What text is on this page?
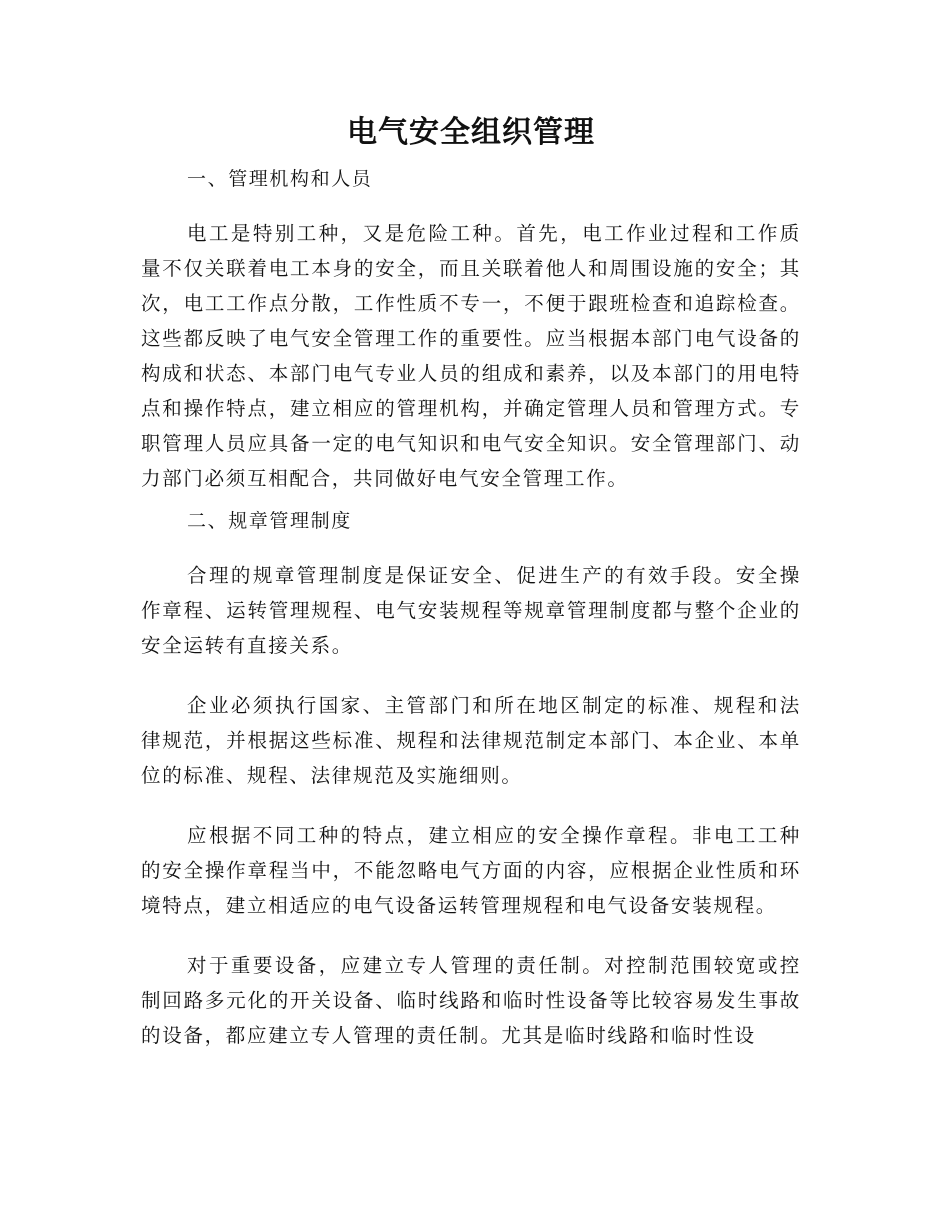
电气安全组织管理

一、管理机构和人员

电工是特别工种，又是危险工种。首先，电工作业过程和工作质量不仅关联着电工本身的安全，而且关联着他人和周围设施的安全；其次，电工工作点分散，工作性质不专一，不便于跟班检查和追踪检查。这些都反映了电气安全管理工作的重要性。应当根据本部门电气设备的构成和状态、本部门电气专业人员的组成和素养，以及本部门的用电特点和操作特点，建立相应的管理机构，并确定管理人员和管理方式。专职管理人员应具备一定的电气知识和电气安全知识。安全管理部门、动力部门必须互相配合，共同做好电气安全管理工作。

二、规章管理制度

合理的规章管理制度是保证安全、促进生产的有效手段。安全操作章程、运转管理规程、电气安装规程等规章管理制度都与整个企业的安全运转有直接关系。

企业必须执行国家、主管部门和所在地区制定的标准、规程和法律规范，并根据这些标准、规程和法律规范制定本部门、本企业、本单位的标准、规程、法律规范及实施细则。

应根据不同工种的特点，建立相应的安全操作章程。非电工工种的安全操作章程当中，不能忽略电气方面的内容，应根据企业性质和环境特点，建立相适应的电气设备运转管理规程和电气设备安装规程。

对于重要设备，应建立专人管理的责任制。对控制范围较宽或控制回路多元化的开关设备、临时线路和临时性设备等比较容易发生事故的设备，都应建立专人管理的责任制。尤其是临时线路和临时性设
